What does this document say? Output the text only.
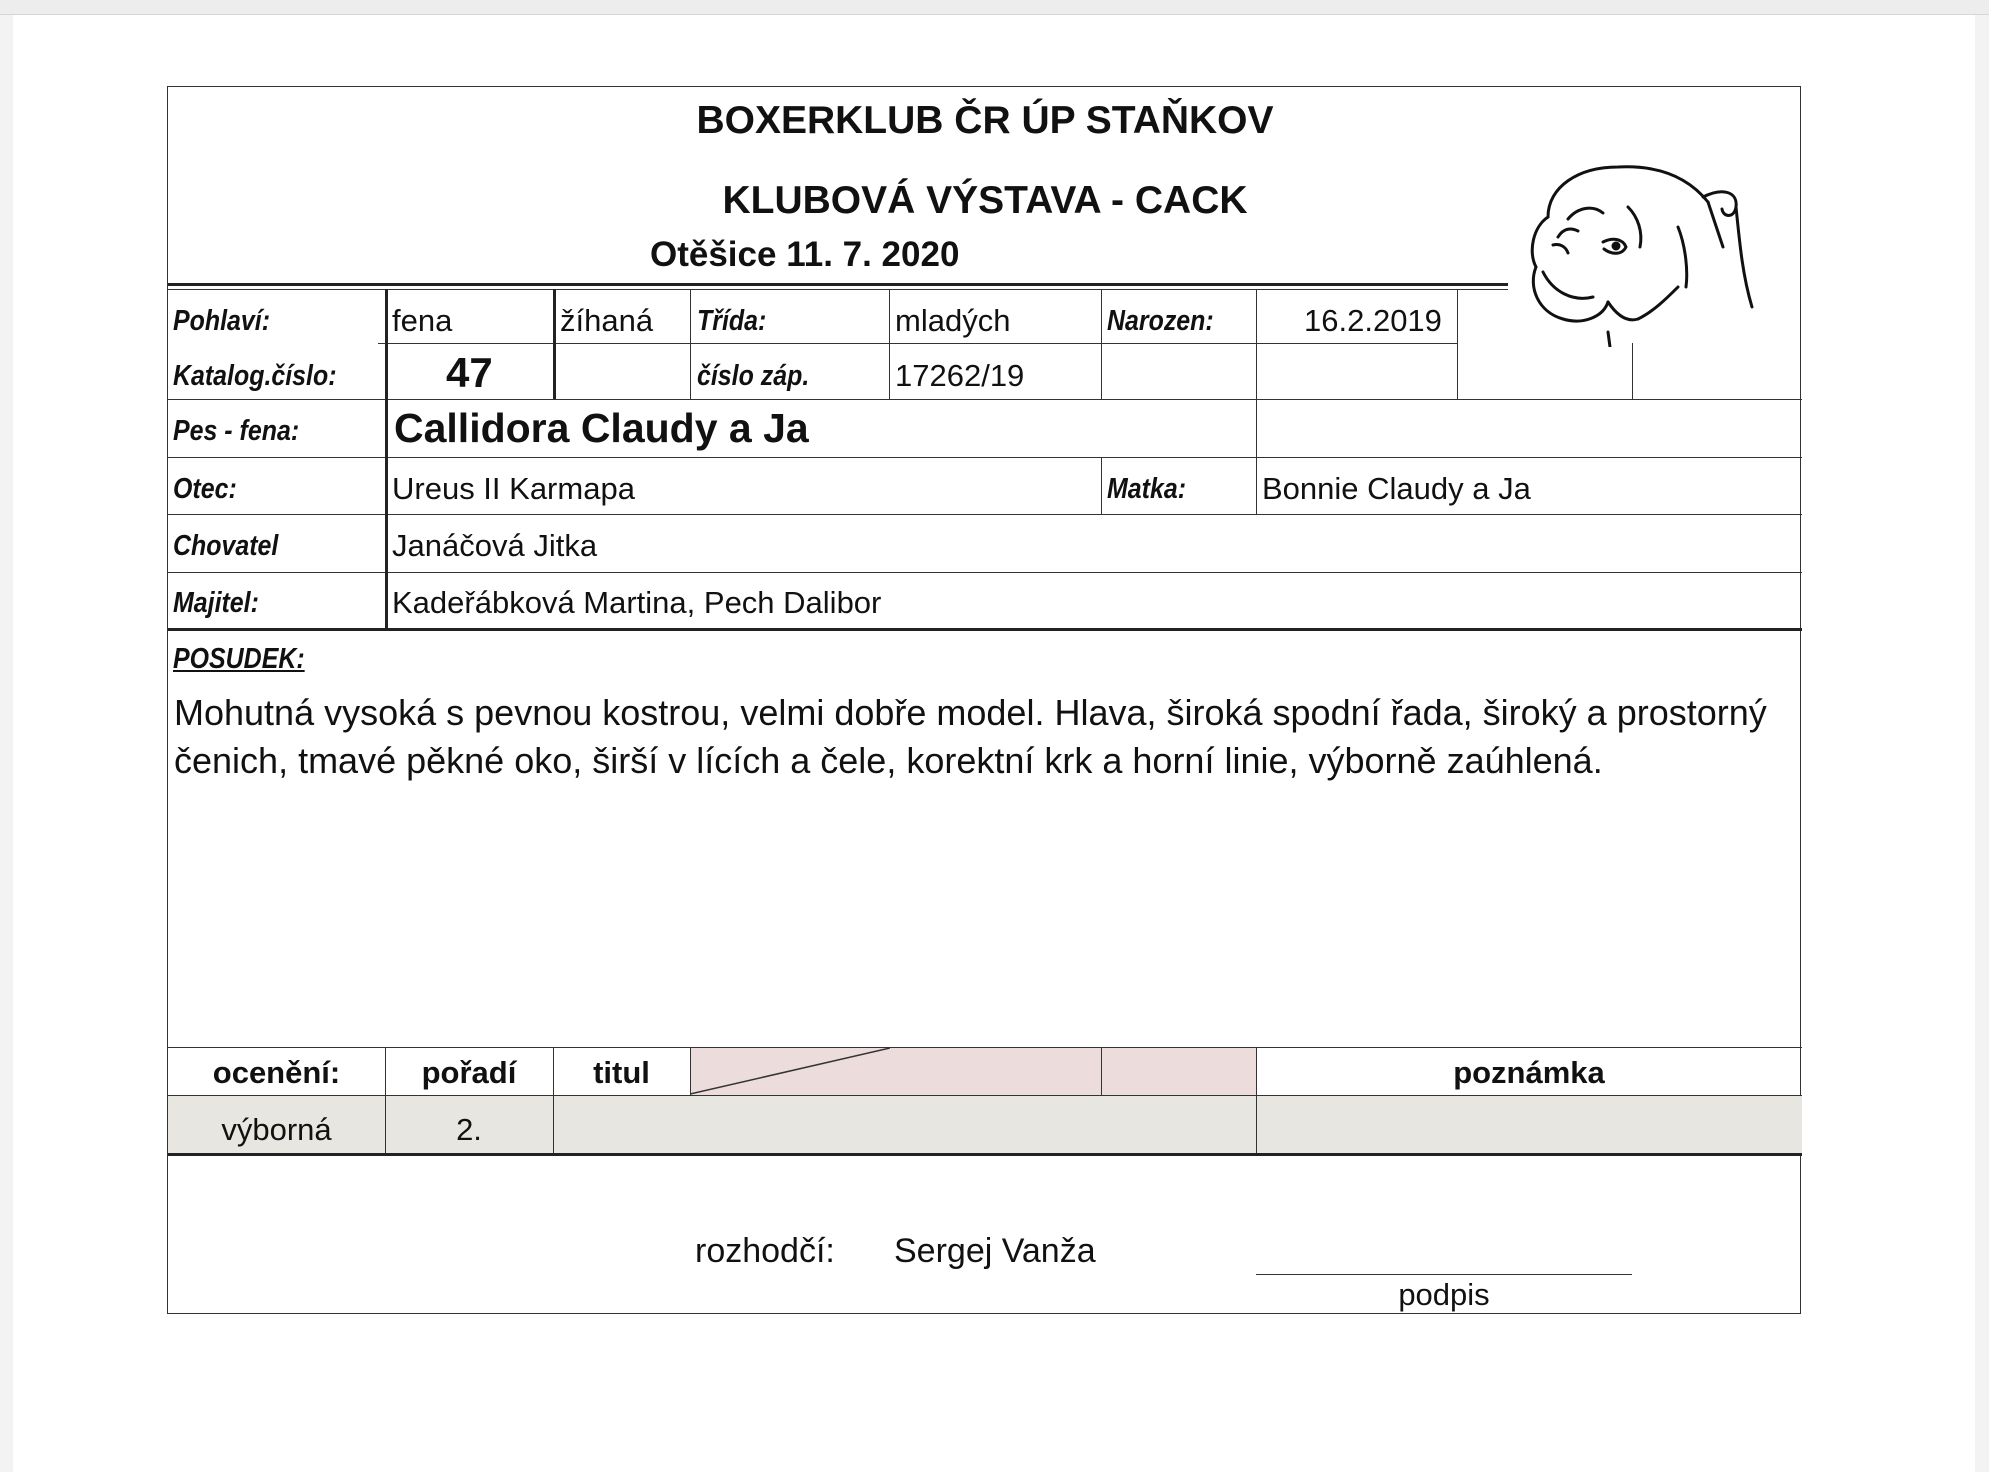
BOXERKLUB ČR ÚP STAŇKOV
KLUBOVÁ VÝSTAVA - CACK
Otěšice 11. 7. 2020
Pohlaví:	fena	žíhaná Třída:	mladých	Narozen:	16.2.2019
Katalog.číslo:	47	číslo záp.	17262/19
Pes - fena: Callidora Claudy a Ja
Otec:	Ureus II Karmapa	Matka: Bonnie Claudy a Ja
Chovatel	Janáčová Jitka
Majitel:	Kadeřábková Martina, Pech Dalibor
POSUDEK:
Mohutná vysoká s pevnou kostrou, velmi dobře model. Hlava, široká spodní řada, široký a prostorný čenich, tmavé pěkné oko, širší v lících a čele, korektní krk a horní linie, výborně zaúhlená.
ocenění:	pořadí	titul	poznámka
výborná	2.
rozhodčí: Sergej Vanža
podpis
